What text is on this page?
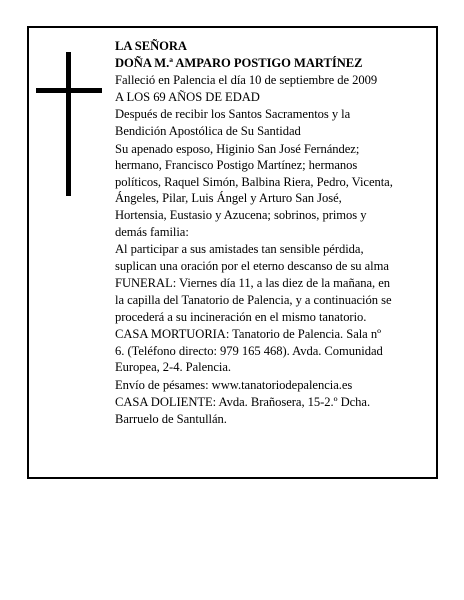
LA SEÑORA
DOÑA M.ª AMPARO POSTIGO MARTÍNEZ
Falleció en Palencia el día 10 de septiembre de 2009
A LOS 69 AÑOS DE EDAD
Después de recibir los Santos Sacramentos y la
Bendición Apostólica de Su Santidad
Su apenado esposo, Higinio San José Fernández;
hermano, Francisco Postigo Martínez; hermanos
políticos, Raquel Simón, Balbina Riera, Pedro, Vicenta,
Ángeles, Pilar, Luis Ángel y Arturo San José,
Hortensia, Eustasio y Azucena; sobrinos, primos y
demás familia:
Al participar a sus amistades tan sensible pérdida,
suplican una oración por el eterno descanso de su alma
FUNERAL: Viernes día 11, a las diez de la mañana, en
la capilla del Tanatorio de Palencia, y a continuación se
procederá a su incineración en el mismo tanatorio.
CASA MORTUORIA: Tanatorio de Palencia. Sala nº
6. (Teléfono directo: 979 165 468). Avda. Comunidad
Europea, 2-4. Palencia.
Envío de pésames: www.tanatoriodepalencia.es
CASA DOLIENTE: Avda. Brañosera, 15-2.º Dcha.
Barruelo de Santullán.
